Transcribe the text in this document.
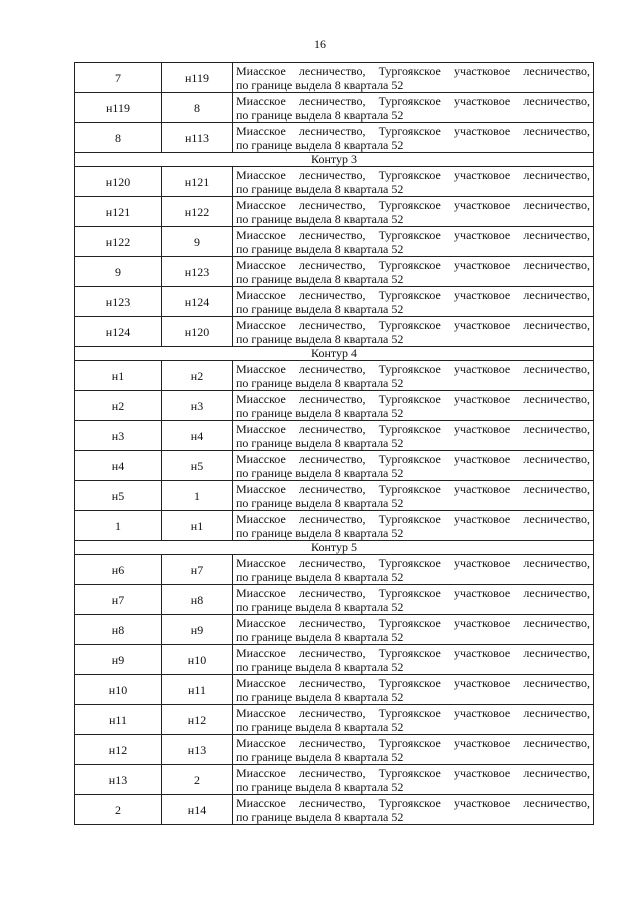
16
7	н119	Миасское лесничество, Тургоякское участковое лесничество,
по границе выдела 8 квартала 52

н119	8	Миасское лесничество, Тургоякское участковое лесничество,
по границе выдела 8 квартала 52

8	н113	Миасское лесничество, Тургоякское участковое лесничество,
по границе выдела 8 квартала 52

Контур 3		
н120	н121	Миасское лесничество, Тургоякское участковое лесничество,
по границе выдела 8 квартала 52

н121	н122	Миасское лесничество, Тургоякское участковое лесничество,
по границе выдела 8 квартала 52

н122	9	Миасское лесничество, Тургоякское участковое лесничество,
по границе выдела 8 квартала 52

9	н123	Миасское лесничество, Тургоякское участковое лесничество,
по границе выдела 8 квартала 52

н123	н124	Миасское лесничество, Тургоякское участковое лесничество,
по границе выдела 8 квартала 52

н124	н120	Миасское лесничество, Тургоякское участковое лесничество,
по границе выдела 8 квартала 52

Контур 4		
н1	н2	Миасское лесничество, Тургоякское участковое лесничество,
по границе выдела 8 квартала 52

н2	н3	Миасское лесничество, Тургоякское участковое лесничество,
по границе выдела 8 квартала 52

н3	н4	Миасское лесничество, Тургоякское участковое лесничество,
по границе выдела 8 квартала 52

н4	н5	Миасское лесничество, Тургоякское участковое лесничество,
по границе выдела 8 квартала 52

н5	1	Миасское лесничество, Тургоякское участковое лесничество,
по границе выдела 8 квартала 52

1	н1	Миасское лесничество, Тургоякское участковое лесничество,
по границе выдела 8 квартала 52

Контур 5		
н6	н7	Миасское лесничество, Тургоякское участковое лесничество,
по границе выдела 8 квартала 52

н7	н8	Миасское лесничество, Тургоякское участковое лесничество,
по границе выдела 8 квартала 52

н8	н9	Миасское лесничество, Тургоякское участковое лесничество,
по границе выдела 8 квартала 52

н9	н10	Миасское лесничество, Тургоякское участковое лесничество,
по границе выдела 8 квартала 52

н10	н11	Миасское лесничество, Тургоякское участковое лесничество,
по границе выдела 8 квартала 52

н11	н12	Миасское лесничество, Тургоякское участковое лесничество,
по границе выдела 8 квартала 52

н12	н13	Миасское лесничество, Тургоякское участковое лесничество,
по границе выдела 8 квартала 52

н13	2	Миасское лесничество, Тургоякское участковое лесничество,
по границе выдела 8 квартала 52

2	н14	Миасское лесничество, Тургоякское участковое лесничество,
по границе выдела 8 квартала 52
